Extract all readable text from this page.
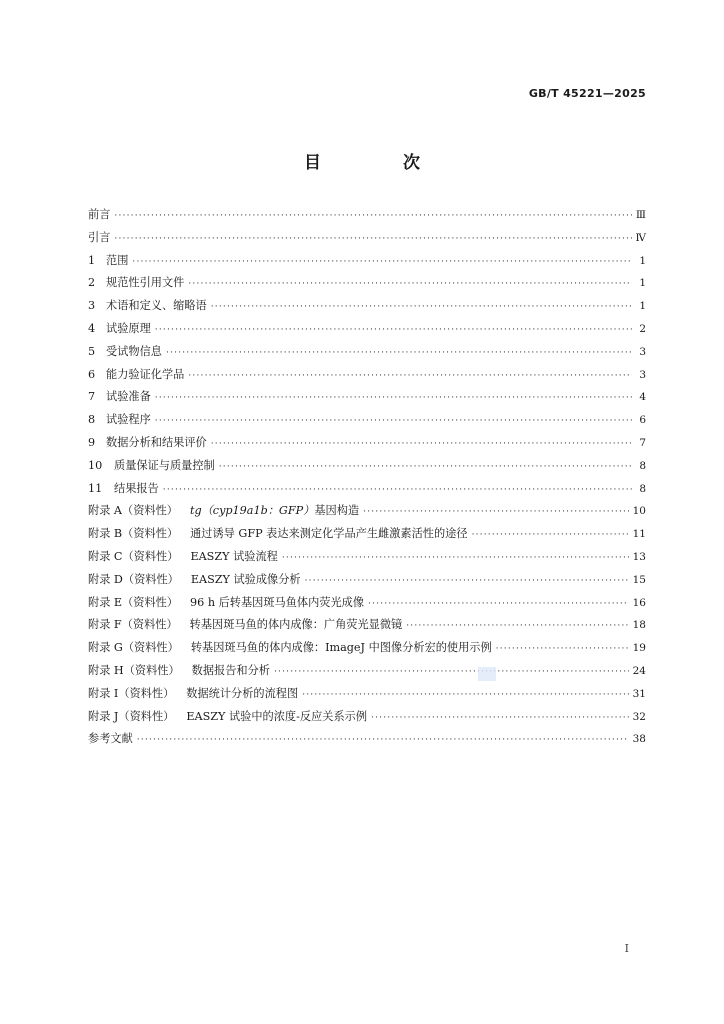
GB/T 45221—2025
目 次
前言 ·····	Ⅲ
引言 ·····	Ⅳ
1 范围 ·····	1
2 规范性引用文件 ·····	1
3 术语和定义、缩略语 ·····	1
4 试验原理 ·····	2
5 受试物信息 ·····	3
6 能力验证化学品 ·····	3
7 试验准备 ·····	4
8 试验程序 ·····	6
9 数据分析和结果评价 ·····	7
10 质量保证与质量控制 ·····	8
11 结果报告 ·····	8
附录 A（资料性） tg（cyp19a1b：GFP）基因构造 ·····	10
附录 B（资料性） 通过诱导 GFP 表达来测定化学品产生雌激素活性的途径 ·····	11
附录 C（资料性） EASZY 试验流程 ·····	13
附录 D（资料性） EASZY 试验成像分析 ·····	15
附录 E（资料性） 96 h 后转基因斑马鱼体内荧光成像 ·····	16
附录 F（资料性） 转基因斑马鱼的体内成像：广角荧光显微镜 ·····	18
附录 G（资料性） 转基因斑马鱼的体内成像：ImageJ 中图像分析宏的使用示例 ·····	19
附录 H（资料性） 数据报告和分析 ·····	24
附录 I（资料性） 数据统计分析的流程图 ·····	31
附录 J（资料性） EASZY 试验中的浓度-反应关系示例 ·····	32
参考文献 ·····	38
I
